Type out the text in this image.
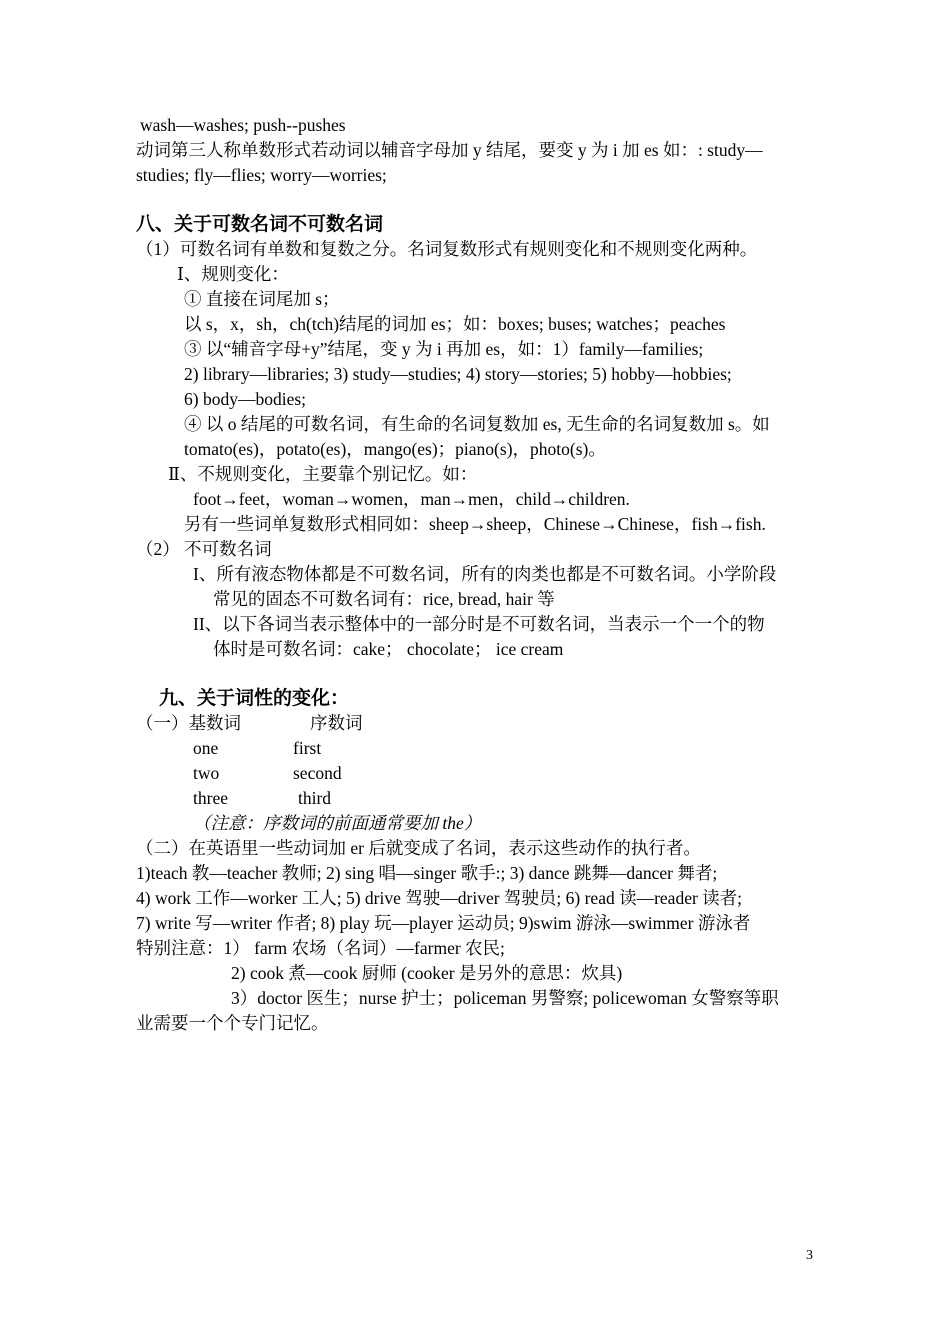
wash—washes; push--pushes
动词第三人称单数形式若动词以辅音字母加 y 结尾，要变 y 为 i 加 es 如：: study—
studies; fly—flies; worry—worries;
八、关于可数名词不可数名词
（1）可数名词有单数和复数之分。名词复数形式有规则变化和不规则变化两种。
Ⅰ、规则变化：
① 直接在词尾加 s；
以 s，x，sh，ch(tch)结尾的词加 es；如：boxes; buses; watches；peaches
③ 以“辅音字母+y”结尾，变 y 为 i 再加 es，如：1）family—families;
2) library—libraries; 3) study—studies; 4) story—stories; 5) hobby—hobbies;
6) body—bodies;
④ 以 o 结尾的可数名词，有生命的名词复数加 es, 无生命的名词复数加 s。如
tomato(es)，potato(es)，mango(es)；piano(s)，photo(s)。
Ⅱ、不规则变化，主要靠个别记忆。如：
foot→feet，woman→women，man→men，child→children.
另有一些词单复数形式相同如：sheep→sheep，Chinese→Chinese，fish→fish.
（2） 不可数名词
I、所有液态物体都是不可数名词，所有的肉类也都是不可数名词。小学阶段
常见的固态不可数名词有：rice, bread, hair 等
II、以下各词当表示整体中的一部分时是不可数名词，当表示一个一个的物
体时是可数名词：cake； chocolate； ice cream
九、关于词性的变化：
（一）基数词	序数词
one	first
two	second
three	third
（注意：序数词的前面通常要加 the）
（二）在英语里一些动词加 er 后就变成了名词，表示这些动作的执行者。
1)teach 教—teacher 教师; 2) sing 唱—singer 歌手:; 3) dance 跳舞—dancer 舞者;
4) work 工作—worker 工人; 5) drive 驾驶—driver 驾驶员; 6) read 读—reader 读者;
7) write 写—writer 作者; 8) play 玩—player 运动员; 9)swim 游泳—swimmer 游泳者
特别注意：1） farm 农场（名词）—farmer 农民;
2) cook 煮—cook 厨师 (cooker 是另外的意思：炊具)
3）doctor 医生；nurse 护士；policeman 男警察; policewoman 女警察等职
业需要一个个专门记忆。
3
